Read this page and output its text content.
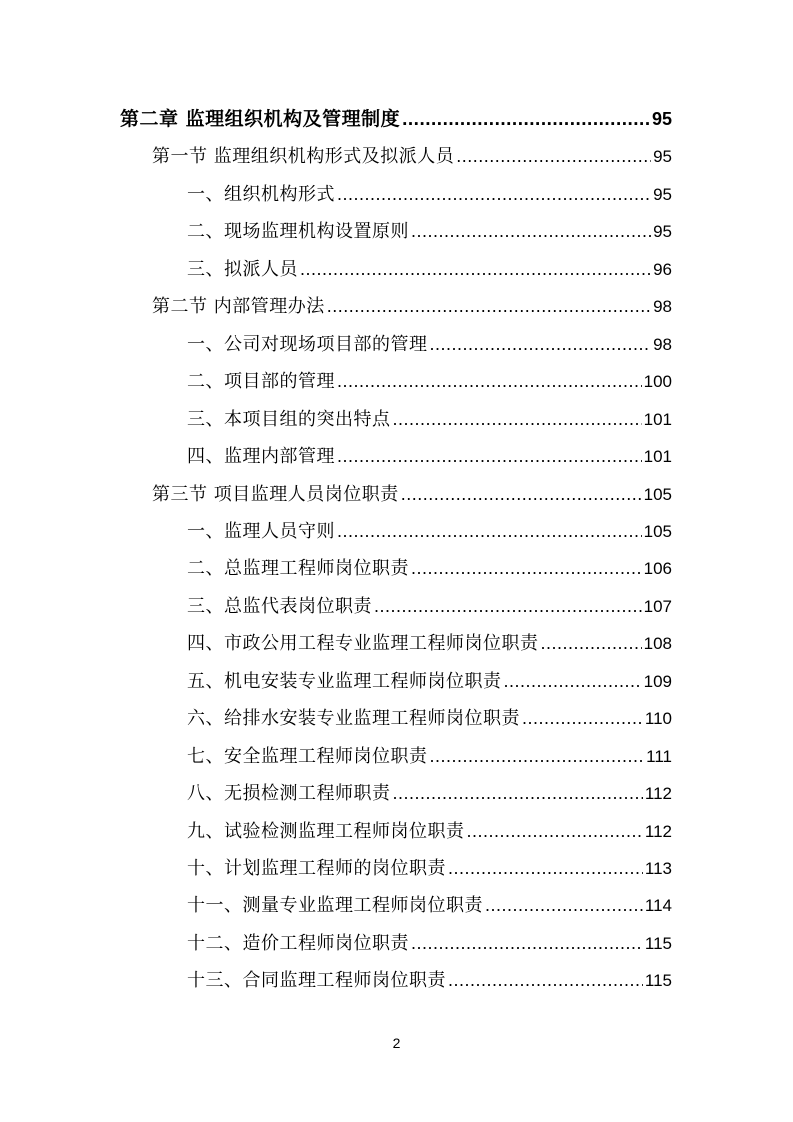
第二章 监理组织机构及管理制度 .....	95
第一节 监理组织机构形式及拟派人员 .....	95
一、组织机构形式 .....	95
二、现场监理机构设置原则 .....	95
三、拟派人员 .....	96
第二节 内部管理办法 .....	98
一、公司对现场项目部的管理 .....	98
二、项目部的管理 .....	100
三、本项目组的突出特点 .....	101
四、监理内部管理 .....	101
第三节 项目监理人员岗位职责 .....	105
一、监理人员守则 .....	105
二、总监理工程师岗位职责 .....	106
三、总监代表岗位职责 .....	107
四、市政公用工程专业监理工程师岗位职责 .....	108
五、机电安装专业监理工程师岗位职责 .....	109
六、给排水安装专业监理工程师岗位职责 .....	110
七、安全监理工程师岗位职责 .....	111
八、无损检测工程师职责 .....	112
九、试验检测监理工程师岗位职责 .....	112
十、计划监理工程师的岗位职责 .....	113
十一、测量专业监理工程师岗位职责 .....	114
十二、造价工程师岗位职责 .....	115
十三、合同监理工程师岗位职责 .....	115
2
